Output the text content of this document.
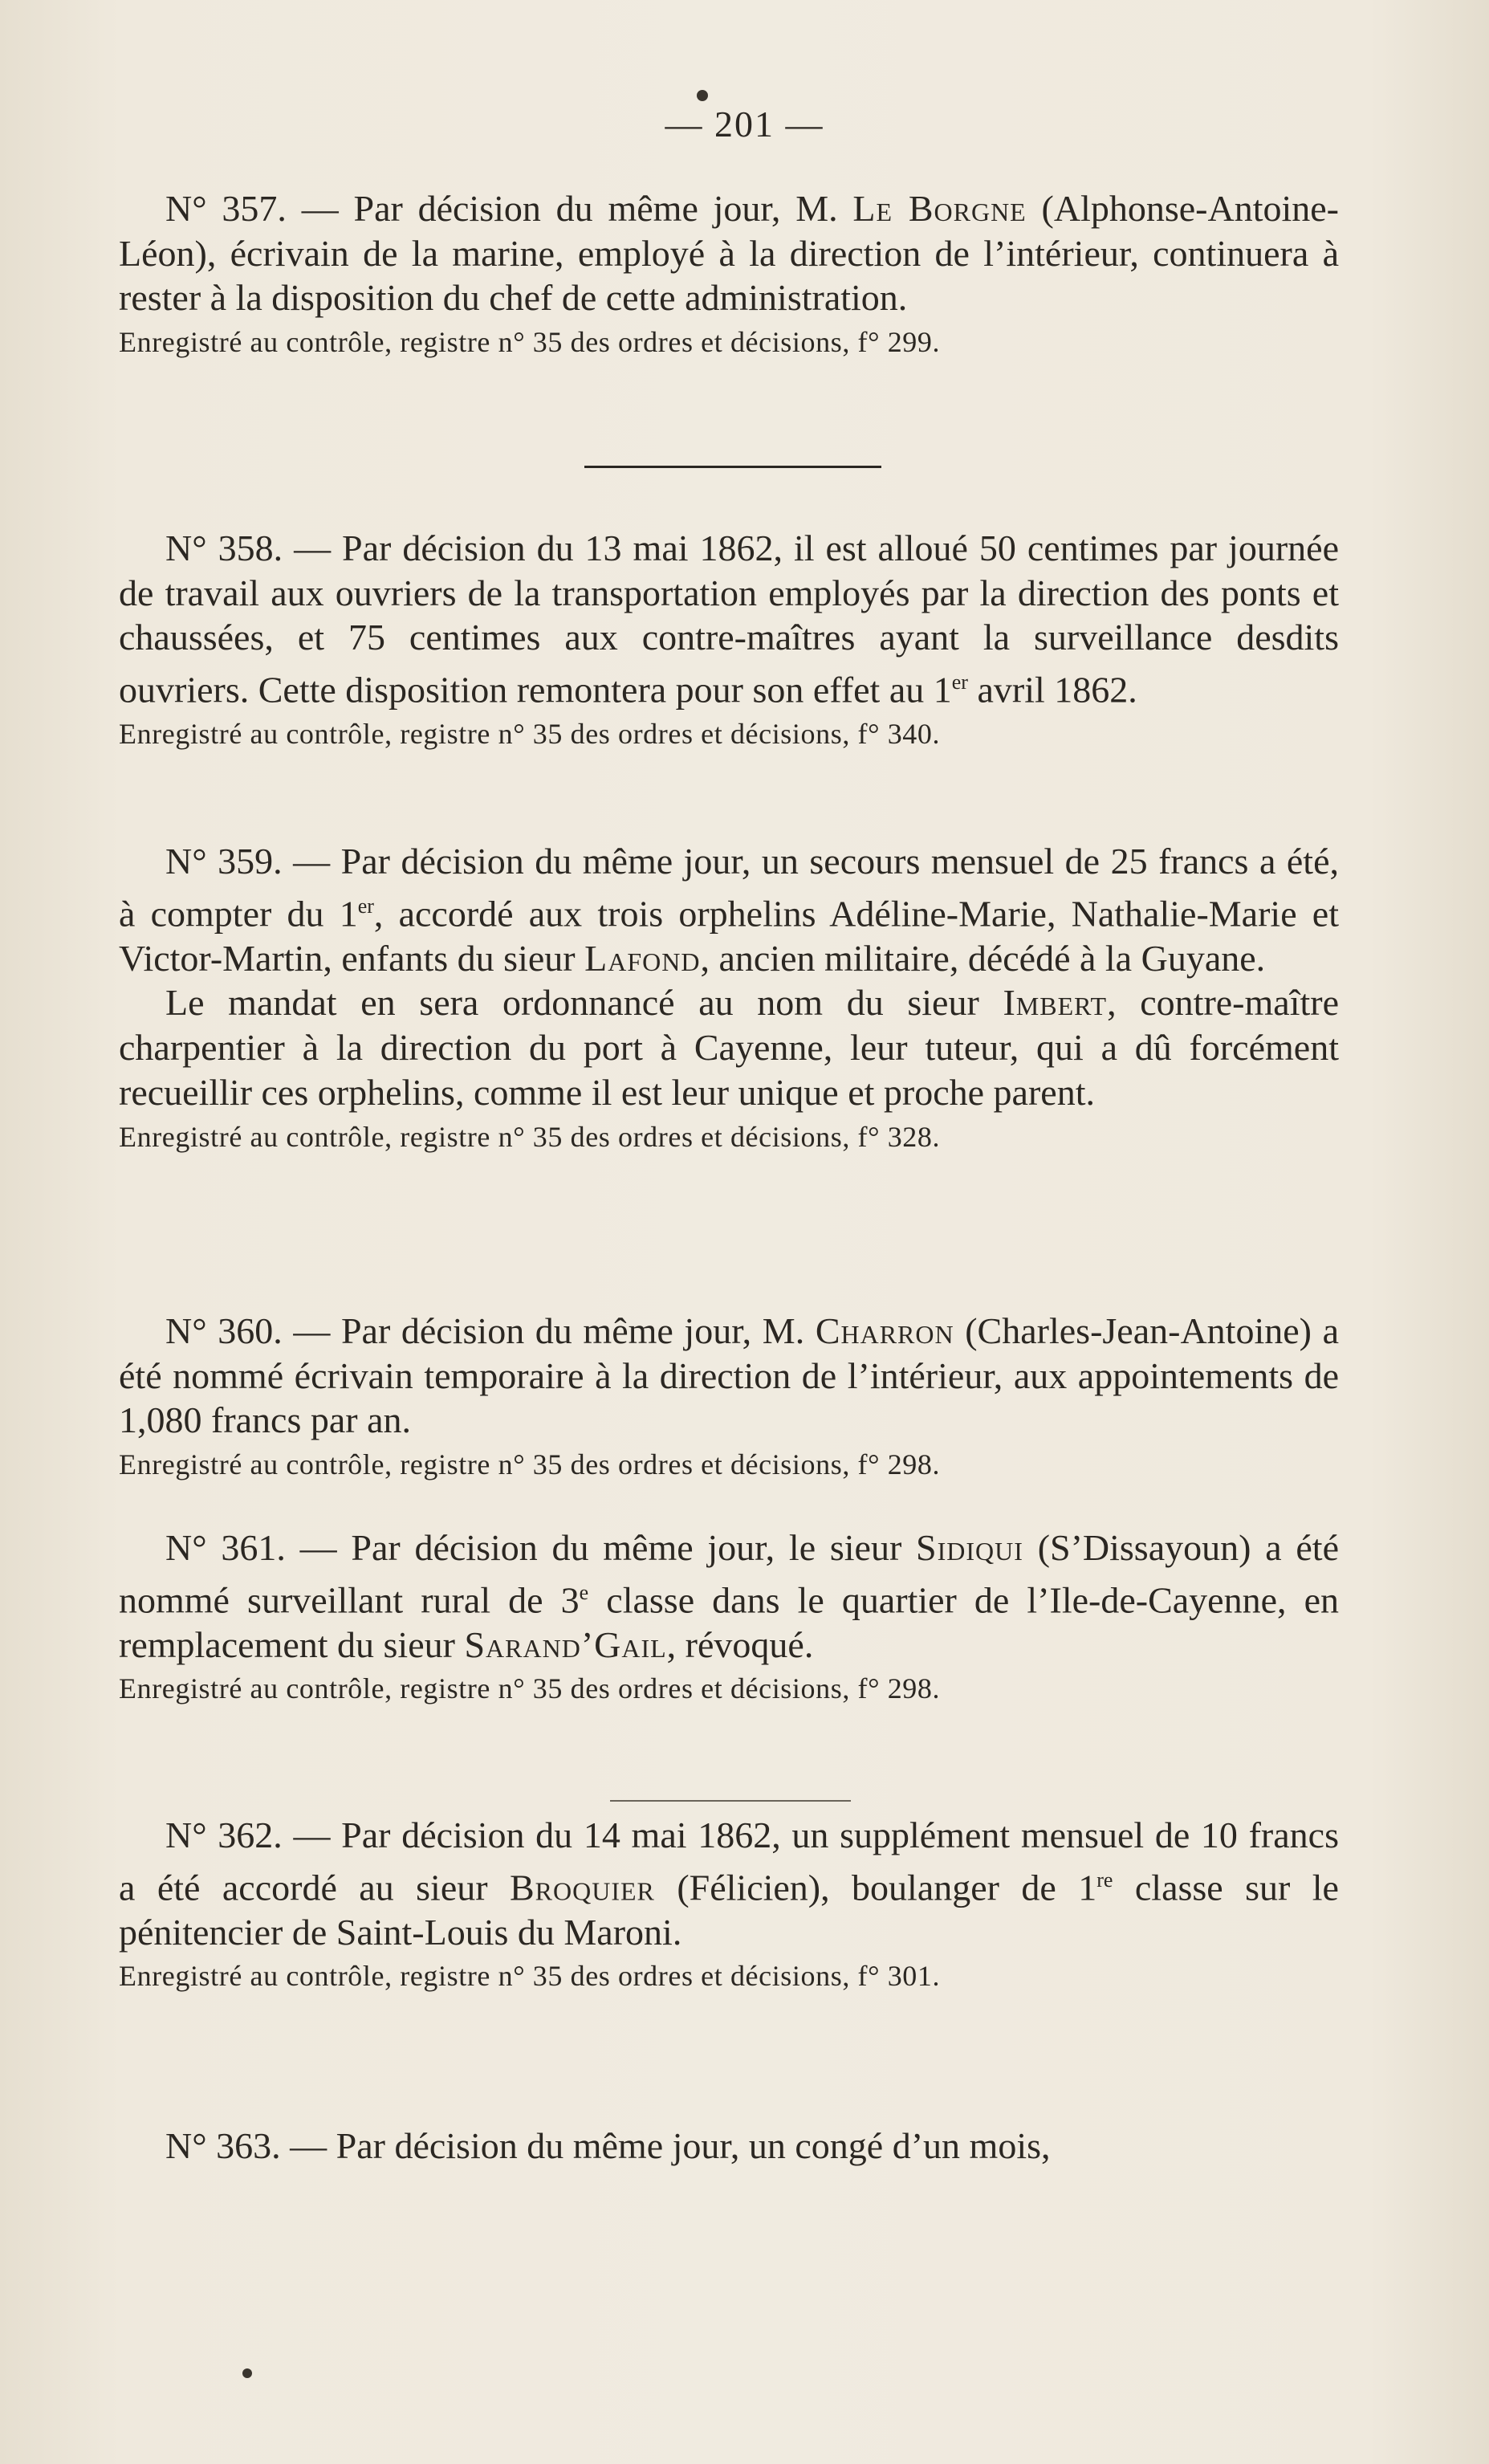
— 201 —

N° 357. — Par décision du même jour, M. Le Borgne (Alphonse-Antoine-Léon), écrivain de la marine, employé à la direction de l’intérieur, continuera à rester à la disposition du chef de cette administration.

Enregistré au contrôle, registre n° 35 des ordres et décisions, f° 299.

N° 358. — Par décision du 13 mai 1862, il est alloué 50 centimes par journée de travail aux ouvriers de la transportation employés par la direction des ponts et chaussées, et 75 centimes aux contre-maîtres ayant la surveillance desdits ouvriers. Cette disposition remontera pour son effet au 1er avril 1862.

Enregistré au contrôle, registre n° 35 des ordres et décisions, f° 340.

N° 359. — Par décision du même jour, un secours mensuel de 25 francs a été, à compter du 1er, accordé aux trois orphelins Adéline-Marie, Nathalie-Marie et Victor-Martin, enfants du sieur Lafond, ancien militaire, décédé à la Guyane.

Le mandat en sera ordonnancé au nom du sieur Imbert, contre-maître charpentier à la direction du port à Cayenne, leur tuteur, qui a dû forcément recueillir ces orphelins, comme il est leur unique et proche parent.

Enregistré au contrôle, registre n° 35 des ordres et décisions, f° 328.

N° 360. — Par décision du même jour, M. Charron (Charles-Jean-Antoine) a été nommé écrivain temporaire à la direction de l’intérieur, aux appointements de 1,080 francs par an.

Enregistré au contrôle, registre n° 35 des ordres et décisions, f° 298.

N° 361. — Par décision du même jour, le sieur Sidiqui (S’Dissayoun) a été nommé surveillant rural de 3e classe dans le quartier de l’Ile-de-Cayenne, en remplacement du sieur Sarand’Gail, révoqué.

Enregistré au contrôle, registre n° 35 des ordres et décisions, f° 298.

N° 362. — Par décision du 14 mai 1862, un supplément mensuel de 10 francs a été accordé au sieur Broquier (Félicien), boulanger de 1re classe sur le pénitencier de Saint-Louis du Maroni.

Enregistré au contrôle, registre n° 35 des ordres et décisions, f° 301.

N° 363. — Par décision du même jour, un congé d’un mois,
